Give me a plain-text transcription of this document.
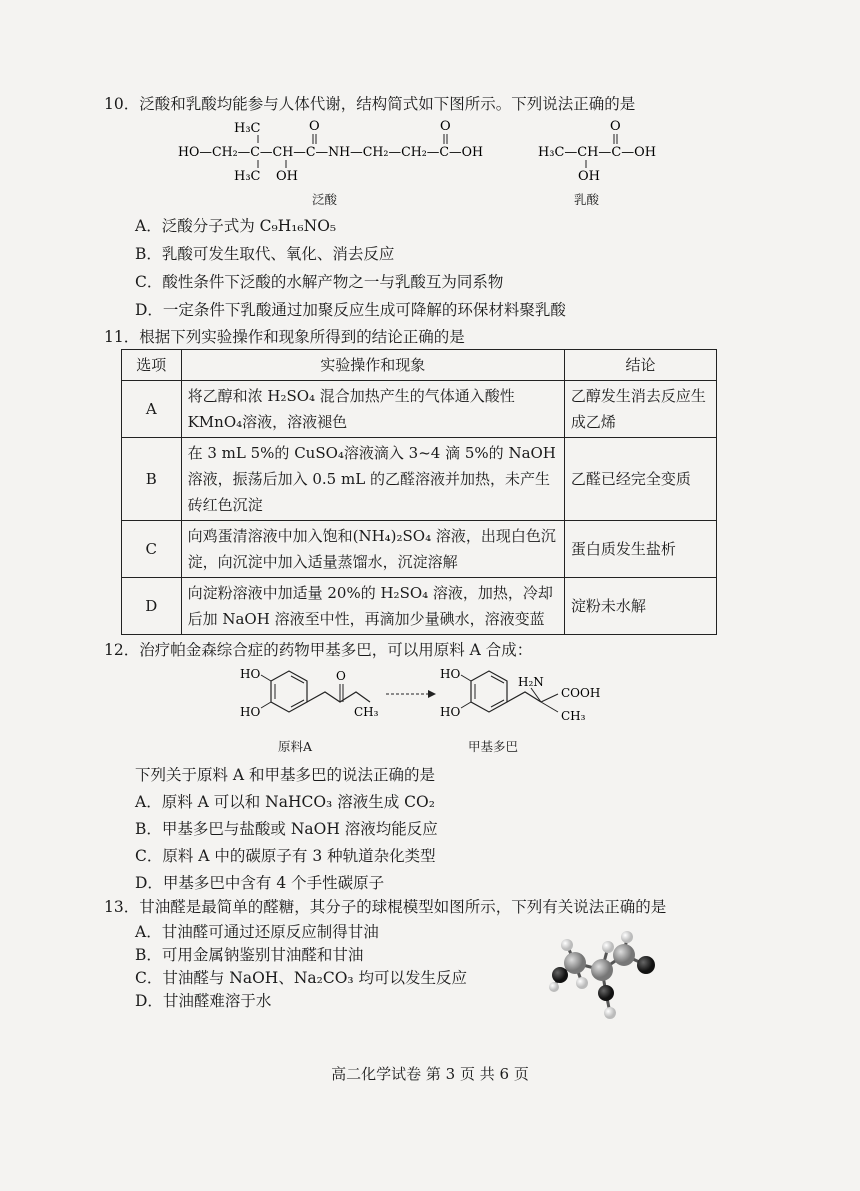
10．泛酸和乳酸均能参与人体代谢，结构简式如下图所示。下列说法正确的是
H₃C	O	O
HO—CH₂—C—CH—C—NH—CH₂—CH₂—C—OH
H₃C OH
泛酸
O
H₃C—CH—C—OH
OH
乳酸
A．泛酸分子式为 C₉H₁₆NO₅
B．乳酸可发生取代、氧化、消去反应
C．酸性条件下泛酸的水解产物之一与乳酸互为同系物
D．一定条件下乳酸通过加聚反应生成可降解的环保材料聚乳酸
11．根据下列实验操作和现象所得到的结论正确的是
选项	实验操作和现象	结论
A	将乙醇和浓 H₂SO₄ 混合加热产生的气体通入酸性 KMnO₄溶液，溶液褪色	乙醇发生消去反应生成乙烯
B	在 3 mL 5%的 CuSO₄溶液滴入 3~4 滴 5%的 NaOH 溶液，振荡后加入 0.5 mL 的乙醛溶液并加热，未产生砖红色沉淀	乙醛已经完全变质
C	向鸡蛋清溶液中加入饱和(NH₄)₂SO₄ 溶液，出现白色沉淀，向沉淀中加入适量蒸馏水，沉淀溶解	蛋白质发生盐析
D	向淀粉溶液中加适量 20%的 H₂SO₄ 溶液，加热，冷却后加 NaOH 溶液至中性，再滴加少量碘水，溶液变蓝	淀粉未水解
12．治疗帕金森综合症的药物甲基多巴，可以用原料 A 合成：
HO
HO
O
CH₃
HO
HO
H₂N
COOH
CH₃
原料A	甲基多巴
下列关于原料 A 和甲基多巴的说法正确的是
A．原料 A 可以和 NaHCO₃ 溶液生成 CO₂
B．甲基多巴与盐酸或 NaOH 溶液均能反应
C．原料 A 中的碳原子有 3 种轨道杂化类型
D．甲基多巴中含有 4 个手性碳原子
13．甘油醛是最简单的醛糖，其分子的球棍模型如图所示，下列有关说法正确的是
A．甘油醛可通过还原反应制得甘油
B．可用金属钠鉴别甘油醛和甘油
C．甘油醛与 NaOH、Na₂CO₃ 均可以发生反应
D．甘油醛难溶于水
高二化学试卷 第 3 页 共 6 页
